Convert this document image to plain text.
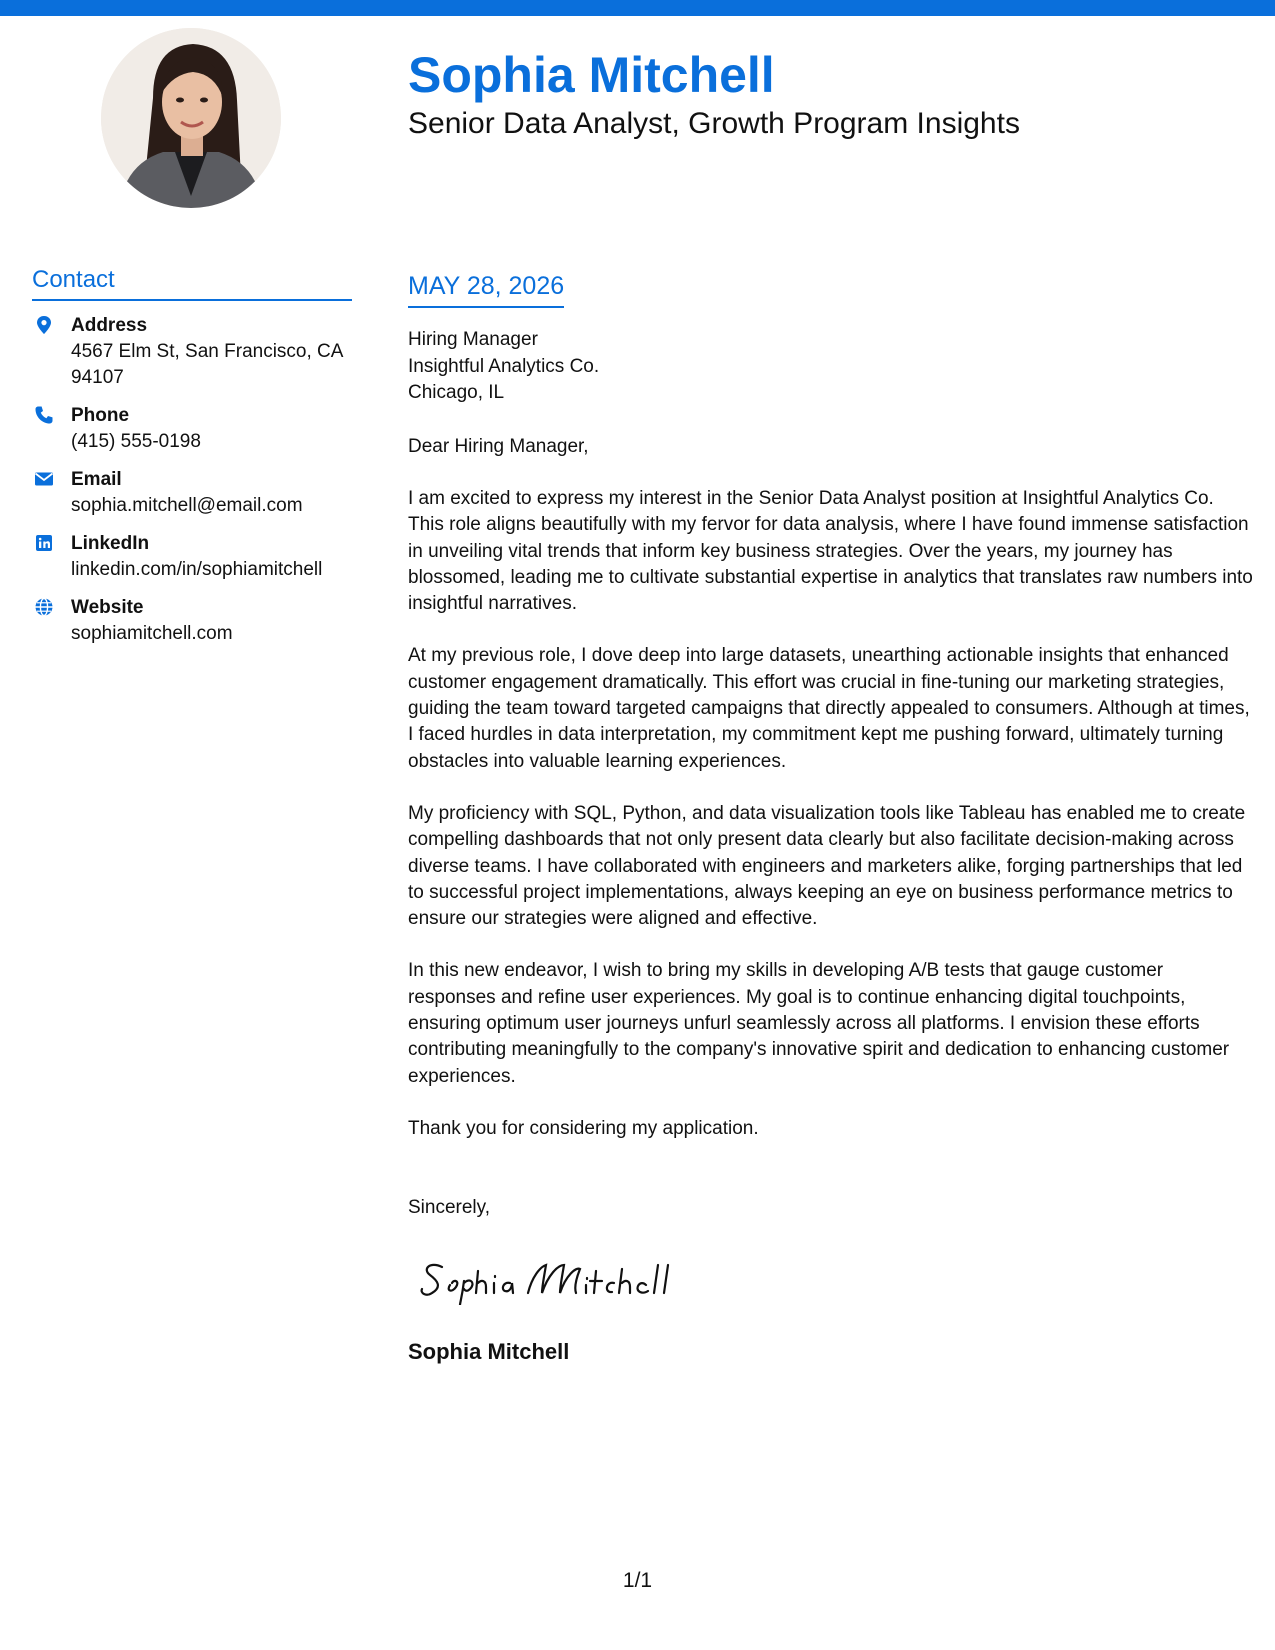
Sophia Mitchell
Senior Data Analyst, Growth Program Insights
Contact
Address
4567 Elm St, San Francisco, CA 94107
Phone
(415) 555-0198
Email
sophia.mitchell@email.com
LinkedIn
linkedin.com/in/sophiamitchell
Website
sophiamitchell.com
MAY 28, 2026
Hiring Manager
Insightful Analytics Co.
Chicago, IL
Dear Hiring Manager,
I am excited to express my interest in the Senior Data Analyst position at Insightful Analytics Co. This role aligns beautifully with my fervor for data analysis, where I have found immense satisfaction in unveiling vital trends that inform key business strategies. Over the years, my journey has blossomed, leading me to cultivate substantial expertise in analytics that translates raw numbers into insightful narratives.
At my previous role, I dove deep into large datasets, unearthing actionable insights that enhanced customer engagement dramatically. This effort was crucial in fine-tuning our marketing strategies, guiding the team toward targeted campaigns that directly appealed to consumers. Although at times, I faced hurdles in data interpretation, my commitment kept me pushing forward, ultimately turning obstacles into valuable learning experiences.
My proficiency with SQL, Python, and data visualization tools like Tableau has enabled me to create compelling dashboards that not only present data clearly but also facilitate decision-making across diverse teams. I have collaborated with engineers and marketers alike, forging partnerships that led to successful project implementations, always keeping an eye on business performance metrics to ensure our strategies were aligned and effective.
In this new endeavor, I wish to bring my skills in developing A/B tests that gauge customer responses and refine user experiences. My goal is to continue enhancing digital touchpoints, ensuring optimum user journeys unfurl seamlessly across all platforms. I envision these efforts contributing meaningfully to the company's innovative spirit and dedication to enhancing customer experiences.
Thank you for considering my application.
Sincerely,
Sophia Mitchell
1/1
